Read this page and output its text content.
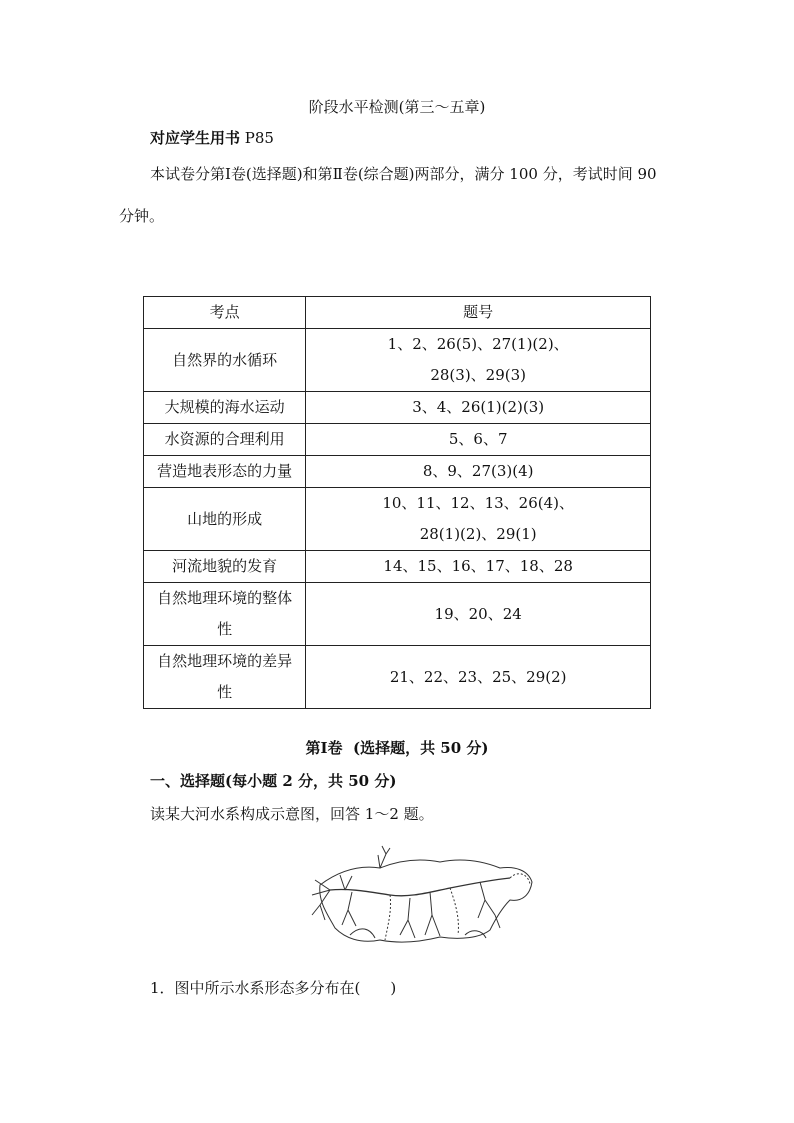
阶段水平检测(第三～五章)
对应学生用书 P85
本试卷分第Ⅰ卷(选择题)和第Ⅱ卷(综合题)两部分，满分 100 分，考试时间 90
分钟。
考点	题号

自然界的水循环	1、2、26(5)、27(1)(2)、
28(3)、29(3)

大规模的海水运动	3、4、26(1)(2)(3)

水资源的合理利用	5、6、7

营造地表形态的力量	8、9、27(3)(4)

山地的形成	10、11、12、13、26(4)、
28(1)(2)、29(1)

河流地貌的发育	14、15、16、17、18、28

自然地理环境的整体
性	19、20、24

自然地理环境的差异
性	21、22、23、25、29(2)
第Ⅰ卷 (选择题，共 50 分)
一、选择题(每小题 2 分，共 50 分)
读某大河水系构成示意图，回答 1～2 题。
1．图中所示水系形态多分布在(　　)
